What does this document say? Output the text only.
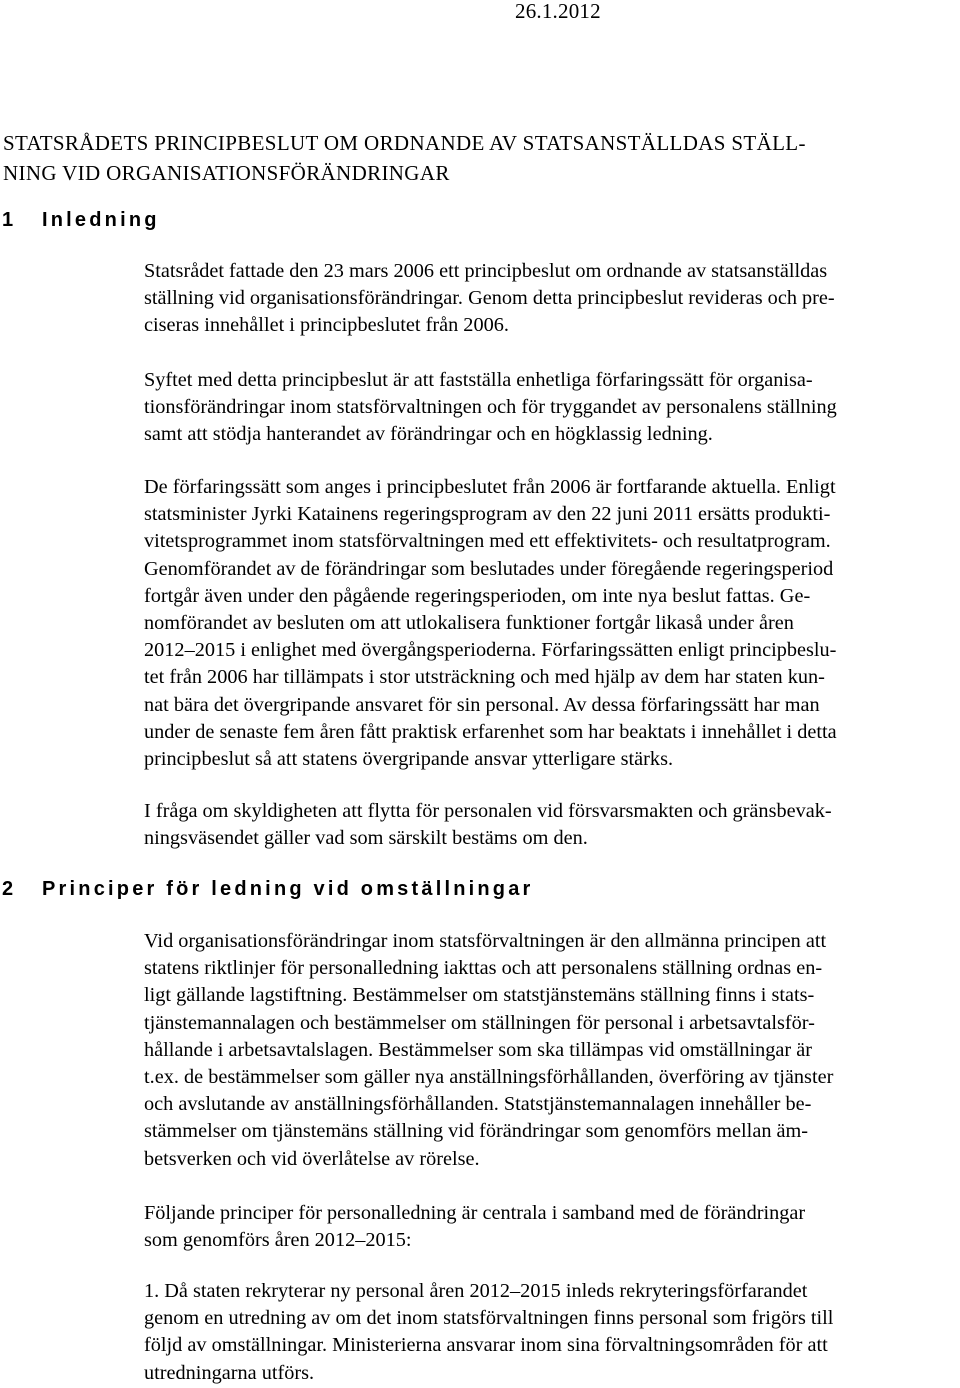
26.1.2012
STATSRÅDETS PRINCIPBESLUT OM ORDNANDE AV STATSANSTÄLLDAS STÄLL-
NING VID ORGANISATIONSFÖRÄNDRINGAR
1 Inledning

Statsrådet fattade den 23 mars 2006 ett principbeslut om ordnande av statsanställdas
ställning vid organisationsförändringar. Genom detta principbeslut revideras och pre-
ciseras innehållet i principbeslutet från 2006.

Syftet med detta principbeslut är att fastställa enhetliga förfaringssätt för organisa-
tionsförändringar inom statsförvaltningen och för tryggandet av personalens ställning
samt att stödja hanterandet av förändringar och en högklassig ledning.

De förfaringssätt som anges i principbeslutet från 2006 är fortfarande aktuella. Enligt
statsminister Jyrki Katainens regeringsprogram av den 22 juni 2011 ersätts produkti-
vitetsprogrammet inom statsförvaltningen med ett effektivitets- och resultatprogram.
Genomförandet av de förändringar som beslutades under föregående regeringsperiod
fortgår även under den pågående regeringsperioden, om inte nya beslut fattas. Ge-
nomförandet av besluten om att utlokalisera funktioner fortgår likaså under åren
2012–2015 i enlighet med övergångsperioderna. Förfaringssätten enligt principbeslu-
tet från 2006 har tillämpats i stor utsträckning och med hjälp av dem har staten kun-
nat bära det övergripande ansvaret för sin personal. Av dessa förfaringssätt har man
under de senaste fem åren fått praktisk erfarenhet som har beaktats i innehållet i detta
principbeslut så att statens övergripande ansvar ytterligare stärks.

I fråga om skyldigheten att flytta för personalen vid försvarsmakten och gränsbevak-
ningsväsendet gäller vad som särskilt bestäms om den.

2 Principer för ledning vid omställningar

Vid organisationsförändringar inom statsförvaltningen är den allmänna principen att
statens riktlinjer för personalledning iakttas och att personalens ställning ordnas en-
ligt gällande lagstiftning. Bestämmelser om statstjänstemäns ställning finns i stats-
tjänstemannalagen och bestämmelser om ställningen för personal i arbetsavtalsför-
hållande i arbetsavtalslagen. Bestämmelser som ska tillämpas vid omställningar är
t.ex. de bestämmelser som gäller nya anställningsförhållanden, överföring av tjänster
och avslutande av anställningsförhållanden. Statstjänstemannalagen innehåller be-
stämmelser om tjänstemäns ställning vid förändringar som genomförs mellan äm-
betsverken och vid överlåtelse av rörelse.

Följande principer för personalledning är centrala i samband med de förändringar
som genomförs åren 2012–2015:

1. Då staten rekryterar ny personal åren 2012–2015 inleds rekryteringsförfarandet
genom en utredning av om det inom statsförvaltningen finns personal som frigörs till
följd av omställningar. Ministerierna ansvarar inom sina förvaltningsområden för att
utredningarna utförs.
